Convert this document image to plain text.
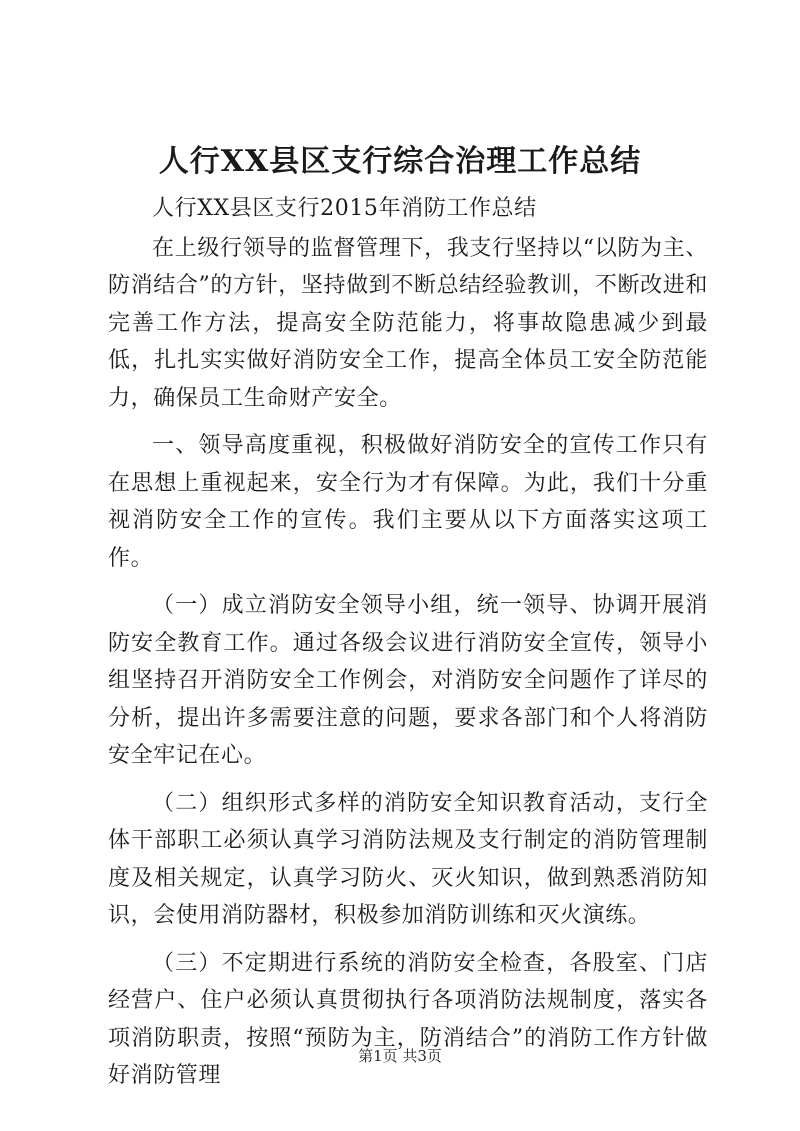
人行XX县区支行综合治理工作总结

人行XX县区支行2015年消防工作总结

在上级行领导的监督管理下，我支行坚持以“以防为主、防消结合”的方针，坚持做到不断总结经验教训，不断改进和完善工作方法，提高安全防范能力，将事故隐患减少到最低，扎扎实实做好消防安全工作，提高全体员工安全防范能力，确保员工生命财产安全。

一、领导高度重视，积极做好消防安全的宣传工作只有在思想上重视起来，安全行为才有保障。为此，我们十分重视消防安全工作的宣传。我们主要从以下方面落实这项工作。

（一）成立消防安全领导小组，统一领导、协调开展消防安全教育工作。通过各级会议进行消防安全宣传，领导小组坚持召开消防安全工作例会，对消防安全问题作了详尽的分析，提出许多需要注意的问题，要求各部门和个人将消防安全牢记在心。

（二）组织形式多样的消防安全知识教育活动，支行全体干部职工必须认真学习消防法规及支行制定的消防管理制度及相关规定，认真学习防火、灭火知识，做到熟悉消防知识，会使用消防器材，积极参加消防训练和灭火演练。

（三）不定期进行系统的消防安全检查，各股室、门店经营户、住户必须认真贯彻执行各项消防法规制度，落实各项消防职责，按照“预防为主，防消结合”的消防工作方针做好消防管理

第1页 共3页
